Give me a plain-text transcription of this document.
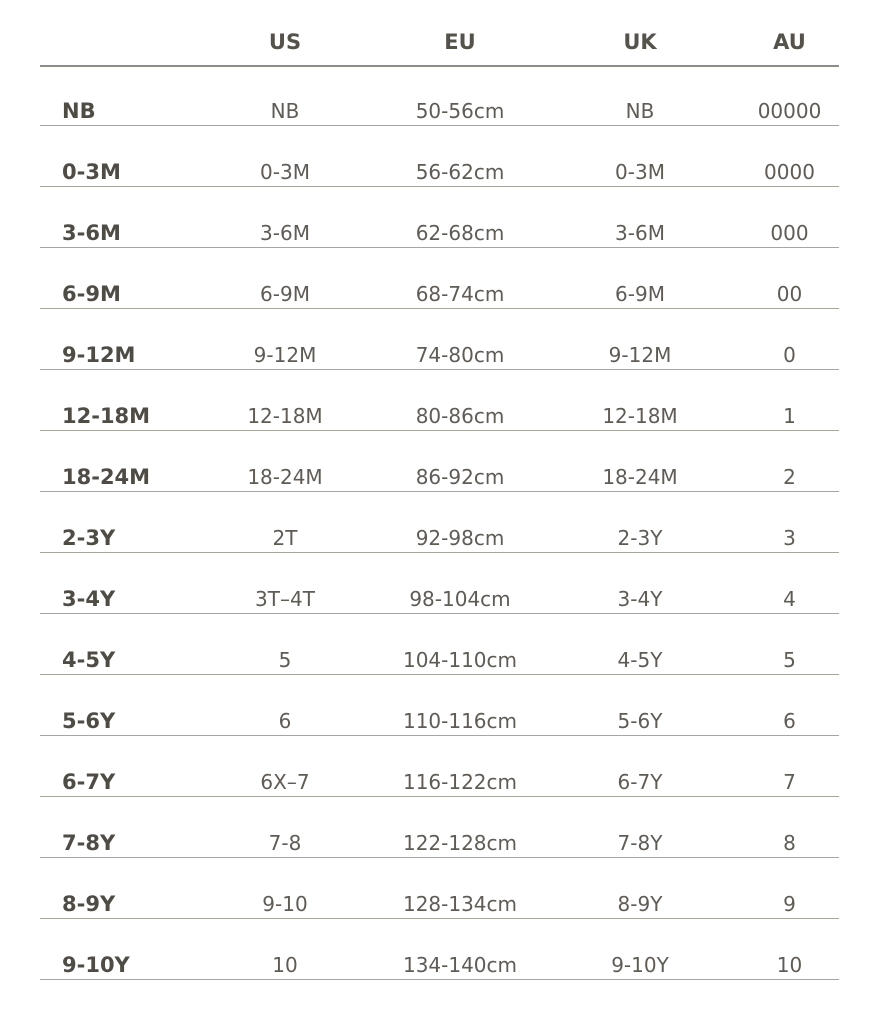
	US	EU	UK	AU
NB	NB	50-56cm	NB	00000
0-3M	0-3M	56-62cm	0-3M	0000
3-6M	3-6M	62-68cm	3-6M	000
6-9M	6-9M	68-74cm	6-9M	00
9-12M	9-12M	74-80cm	9-12M	0
12-18M	12-18M	80-86cm	12-18M	1
18-24M	18-24M	86-92cm	18-24M	2
2-3Y	2T	92-98cm	2-3Y	3
3-4Y	3T–4T	98-104cm	3-4Y	4
4-5Y	5	104-110cm	4-5Y	5
5-6Y	6	110-116cm	5-6Y	6
6-7Y	6X–7	116-122cm	6-7Y	7
7-8Y	7-8	122-128cm	7-8Y	8
8-9Y	9-10	128-134cm	8-9Y	9
9-10Y	10	134-140cm	9-10Y	10
